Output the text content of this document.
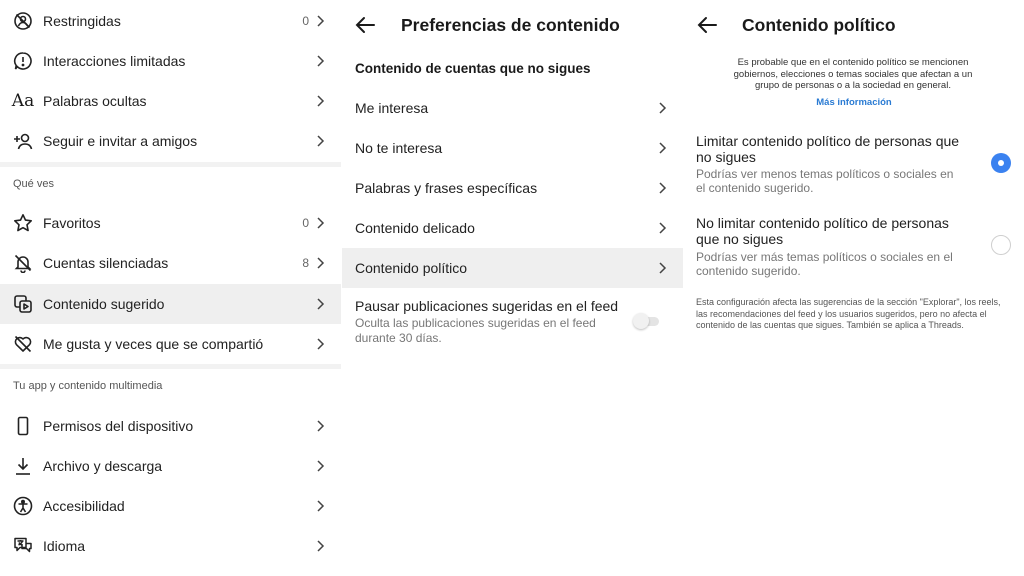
Restringidas	0
Interacciones limitadas
Aa Palabras ocultas
Seguir e invitar a amigos
Qué ves
Favoritos	0
Cuentas silenciadas	8
Contenido sugerido
Me gusta y veces que se compartió
Tu app y contenido multimedia
Permisos del dispositivo
Archivo y descarga
Accesibilidad
Idioma
Preferencias de contenido
Contenido de cuentas que no sigues
Me interesa
No te interesa
Palabras y frases específicas
Contenido delicado
Contenido político
Pausar publicaciones sugeridas en el feed
Oculta las publicaciones sugeridas en el feed durante 30 días.
Contenido político
Es probable que en el contenido político se mencionen gobiernos, elecciones o temas sociales que afectan a un grupo de personas o a la sociedad en general.
Más información
Limitar contenido político de personas que no sigues
Podrías ver menos temas políticos o sociales en el contenido sugerido.
No limitar contenido político de personas que no sigues
Podrías ver más temas políticos o sociales en el contenido sugerido.
Esta configuración afecta las sugerencias de la sección "Explorar", los reels, las recomendaciones del feed y los usuarios sugeridos, pero no afecta el contenido de las cuentas que sigues. También se aplica a Threads.
